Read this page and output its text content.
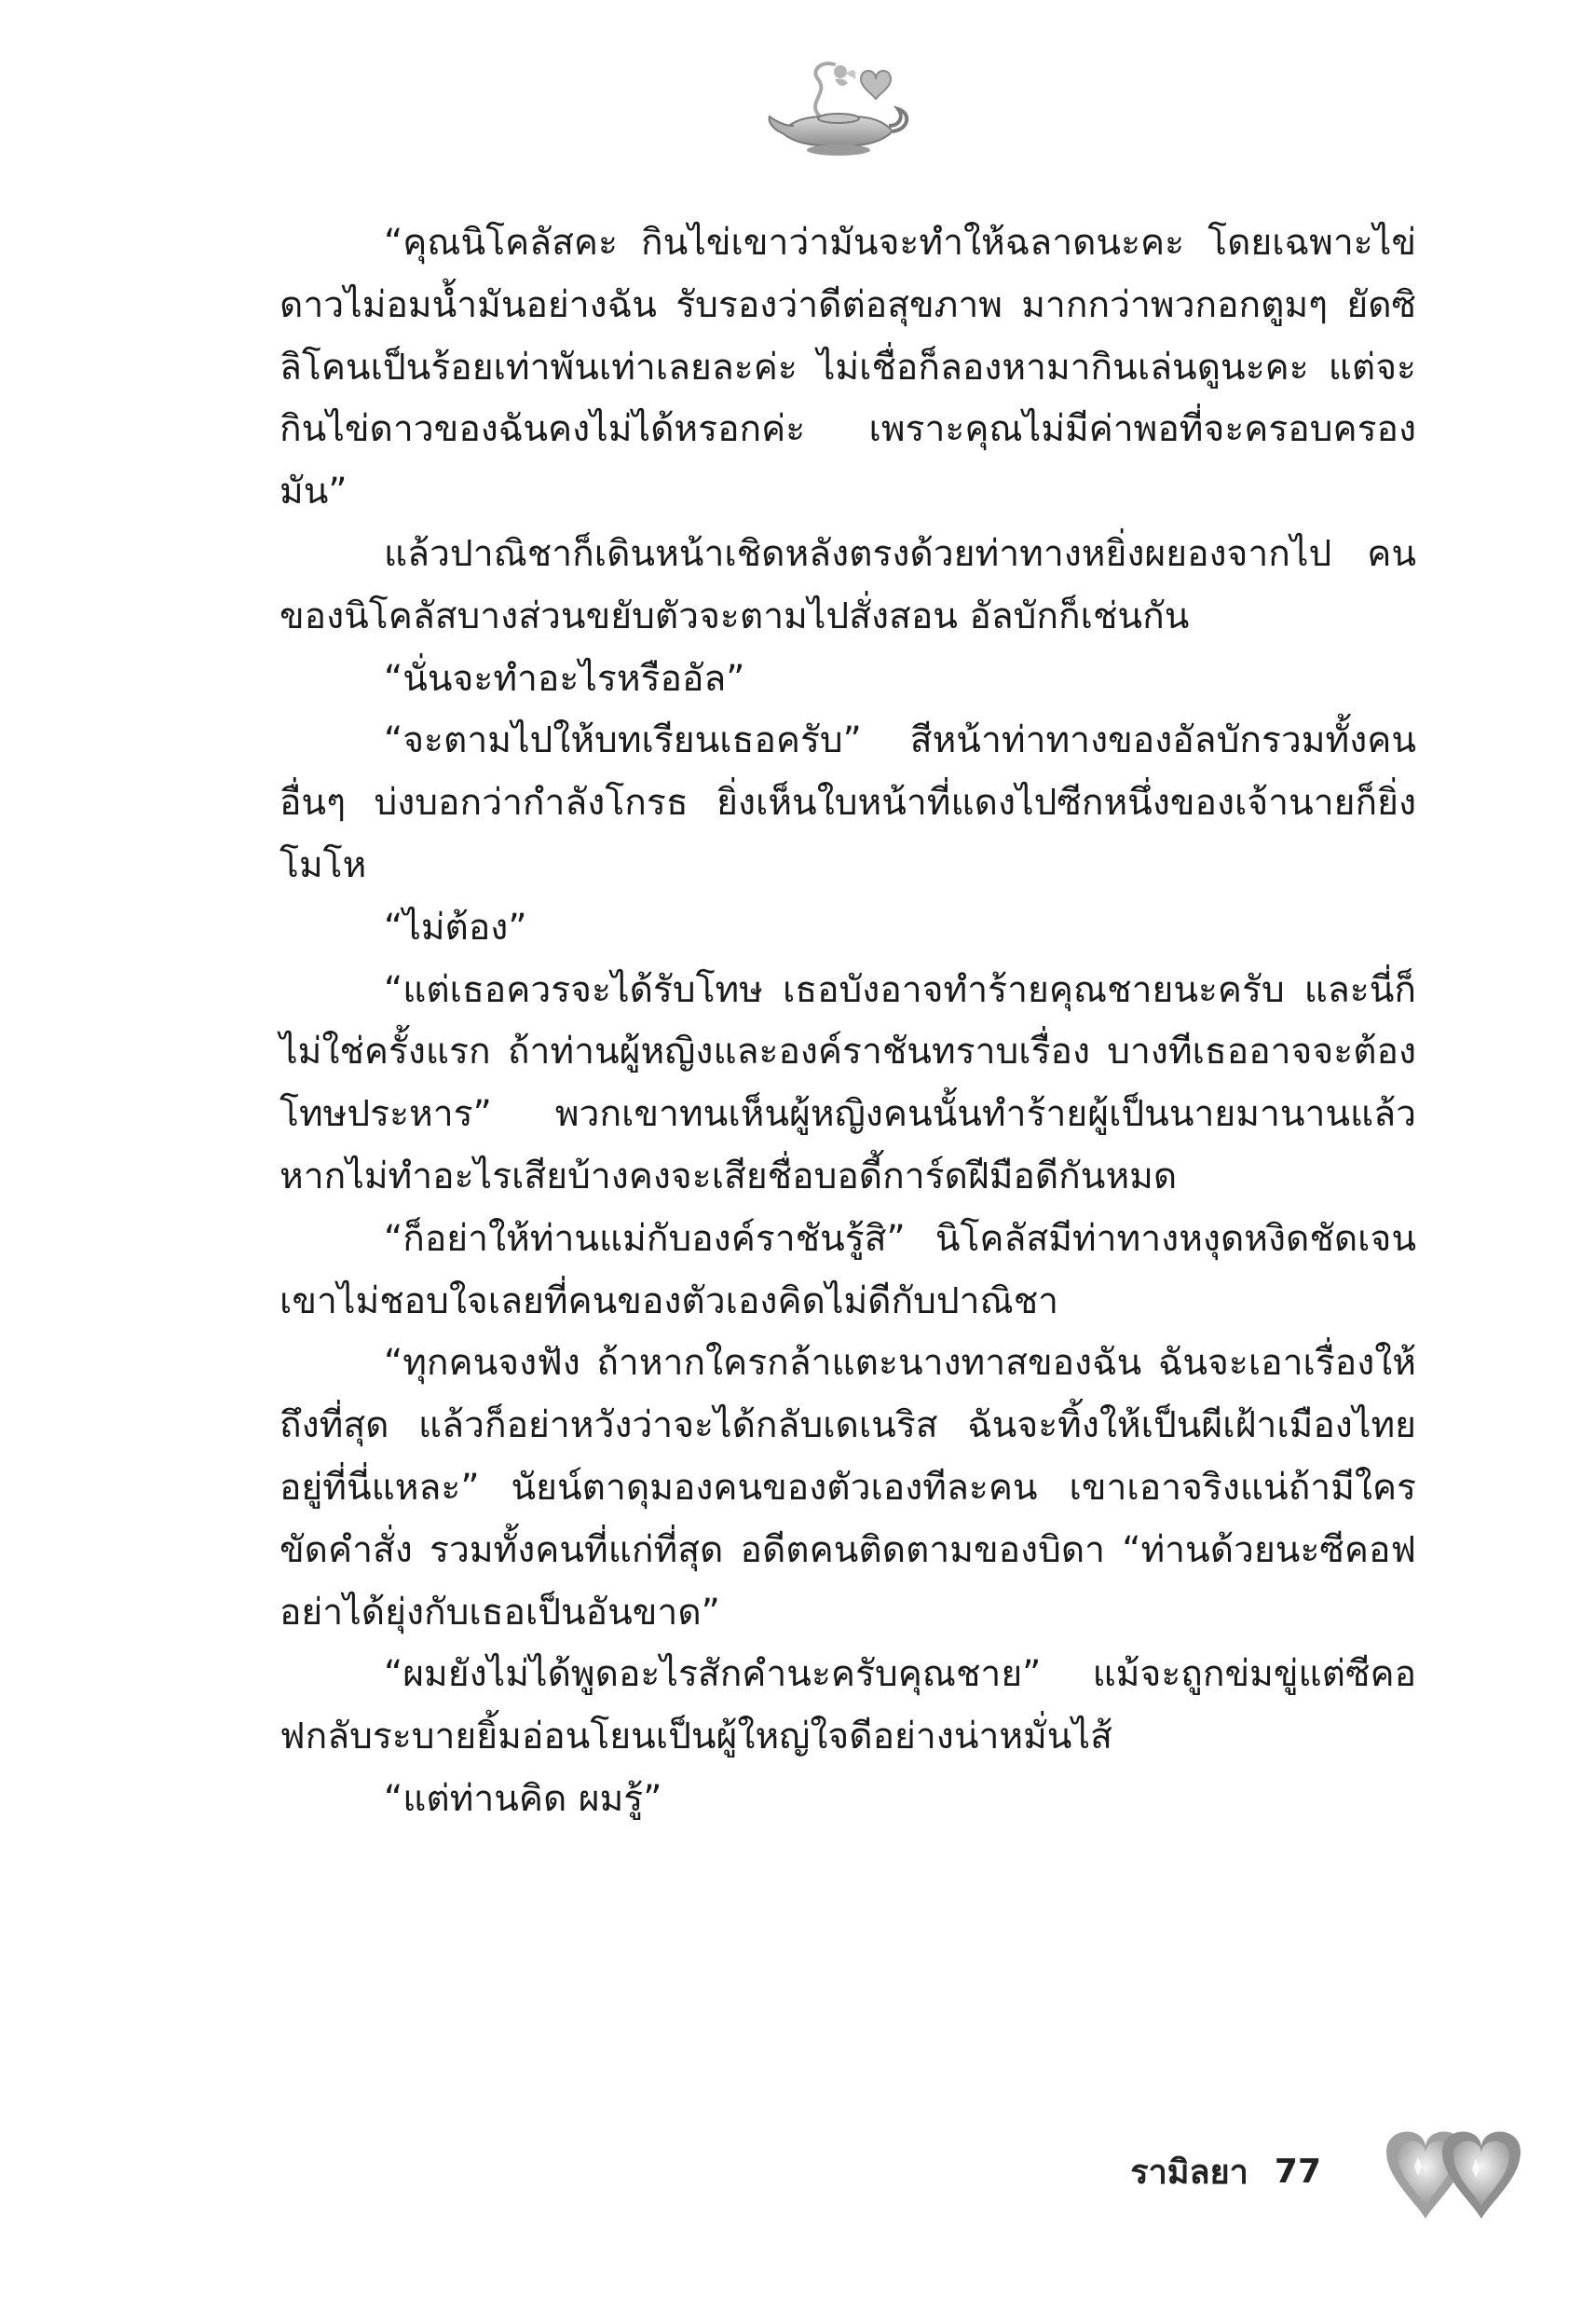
“คุณนิโคลัสคะ กินไข่เขาว่ามันจะทำให้ฉลาดนะคะ โดยเฉพาะไข่ดาวไม่อมน้ำมันอย่างฉัน รับรองว่าดีต่อสุขภาพ มากกว่าพวกอกตูมๆ ยัดซิลิโคนเป็นร้อยเท่าพันเท่าเลยละค่ะ ไม่เชื่อก็ลองหามากินเล่นดูนะคะ แต่จะกินไข่ดาวของฉันคงไม่ได้หรอกค่ะ เพราะคุณไม่มีค่าพอที่จะครอบครองมัน”

แล้วปาณิชาก็เดินหน้าเชิดหลังตรงด้วยท่าทางหยิ่งผยองจากไป คนของนิโคลัสบางส่วนขยับตัวจะตามไปสั่งสอน อัลบักก็เช่นกัน

“นั่นจะทำอะไรหรืออัล”

“จะตามไปให้บทเรียนเธอครับ” สีหน้าท่าทางของอัลบักรวมทั้งคนอื่นๆ บ่งบอกว่ากำลังโกรธ ยิ่งเห็นใบหน้าที่แดงไปซีกหนึ่งของเจ้านายก็ยิ่งโมโห

“ไม่ต้อง”

“แต่เธอควรจะได้รับโทษ เธอบังอาจทำร้ายคุณชายนะครับ และนี่ก็ไม่ใช่ครั้งแรก ถ้าท่านผู้หญิงและองค์ราชันทราบเรื่อง บางทีเธออาจจะต้องโทษประหาร” พวกเขาทนเห็นผู้หญิงคนนั้นทำร้ายผู้เป็นนายมานานแล้ว หากไม่ทำอะไรเสียบ้างคงจะเสียชื่อบอดี้การ์ดฝีมือดีกันหมด

“ก็อย่าให้ท่านแม่กับองค์ราชันรู้สิ” นิโคลัสมีท่าทางหงุดหงิดชัดเจน เขาไม่ชอบใจเลยที่คนของตัวเองคิดไม่ดีกับปาณิชา

“ทุกคนจงฟัง ถ้าหากใครกล้าแตะนางทาสของฉัน ฉันจะเอาเรื่องให้ถึงที่สุด แล้วก็อย่าหวังว่าจะได้กลับเดเนริส ฉันจะทิ้งให้เป็นผีเฝ้าเมืองไทยอยู่ที่นี่แหละ” นัยน์ตาดุมองคนของตัวเองทีละคน เขาเอาจริงแน่ถ้ามีใครขัดคำสั่ง รวมทั้งคนที่แก่ที่สุด อดีตคนติดตามของบิดา “ท่านด้วยนะซีคอฟ อย่าได้ยุ่งกับเธอเป็นอันขาด”

“ผมยังไม่ได้พูดอะไรสักคำนะครับคุณชาย” แม้จะถูกข่มขู่แต่ซีคอฟกลับระบายยิ้มอ่อนโยนเป็นผู้ใหญ่ใจดีอย่างน่าหมั่นไส้

“แต่ท่านคิด ผมรู้”

รามิลยา 77
